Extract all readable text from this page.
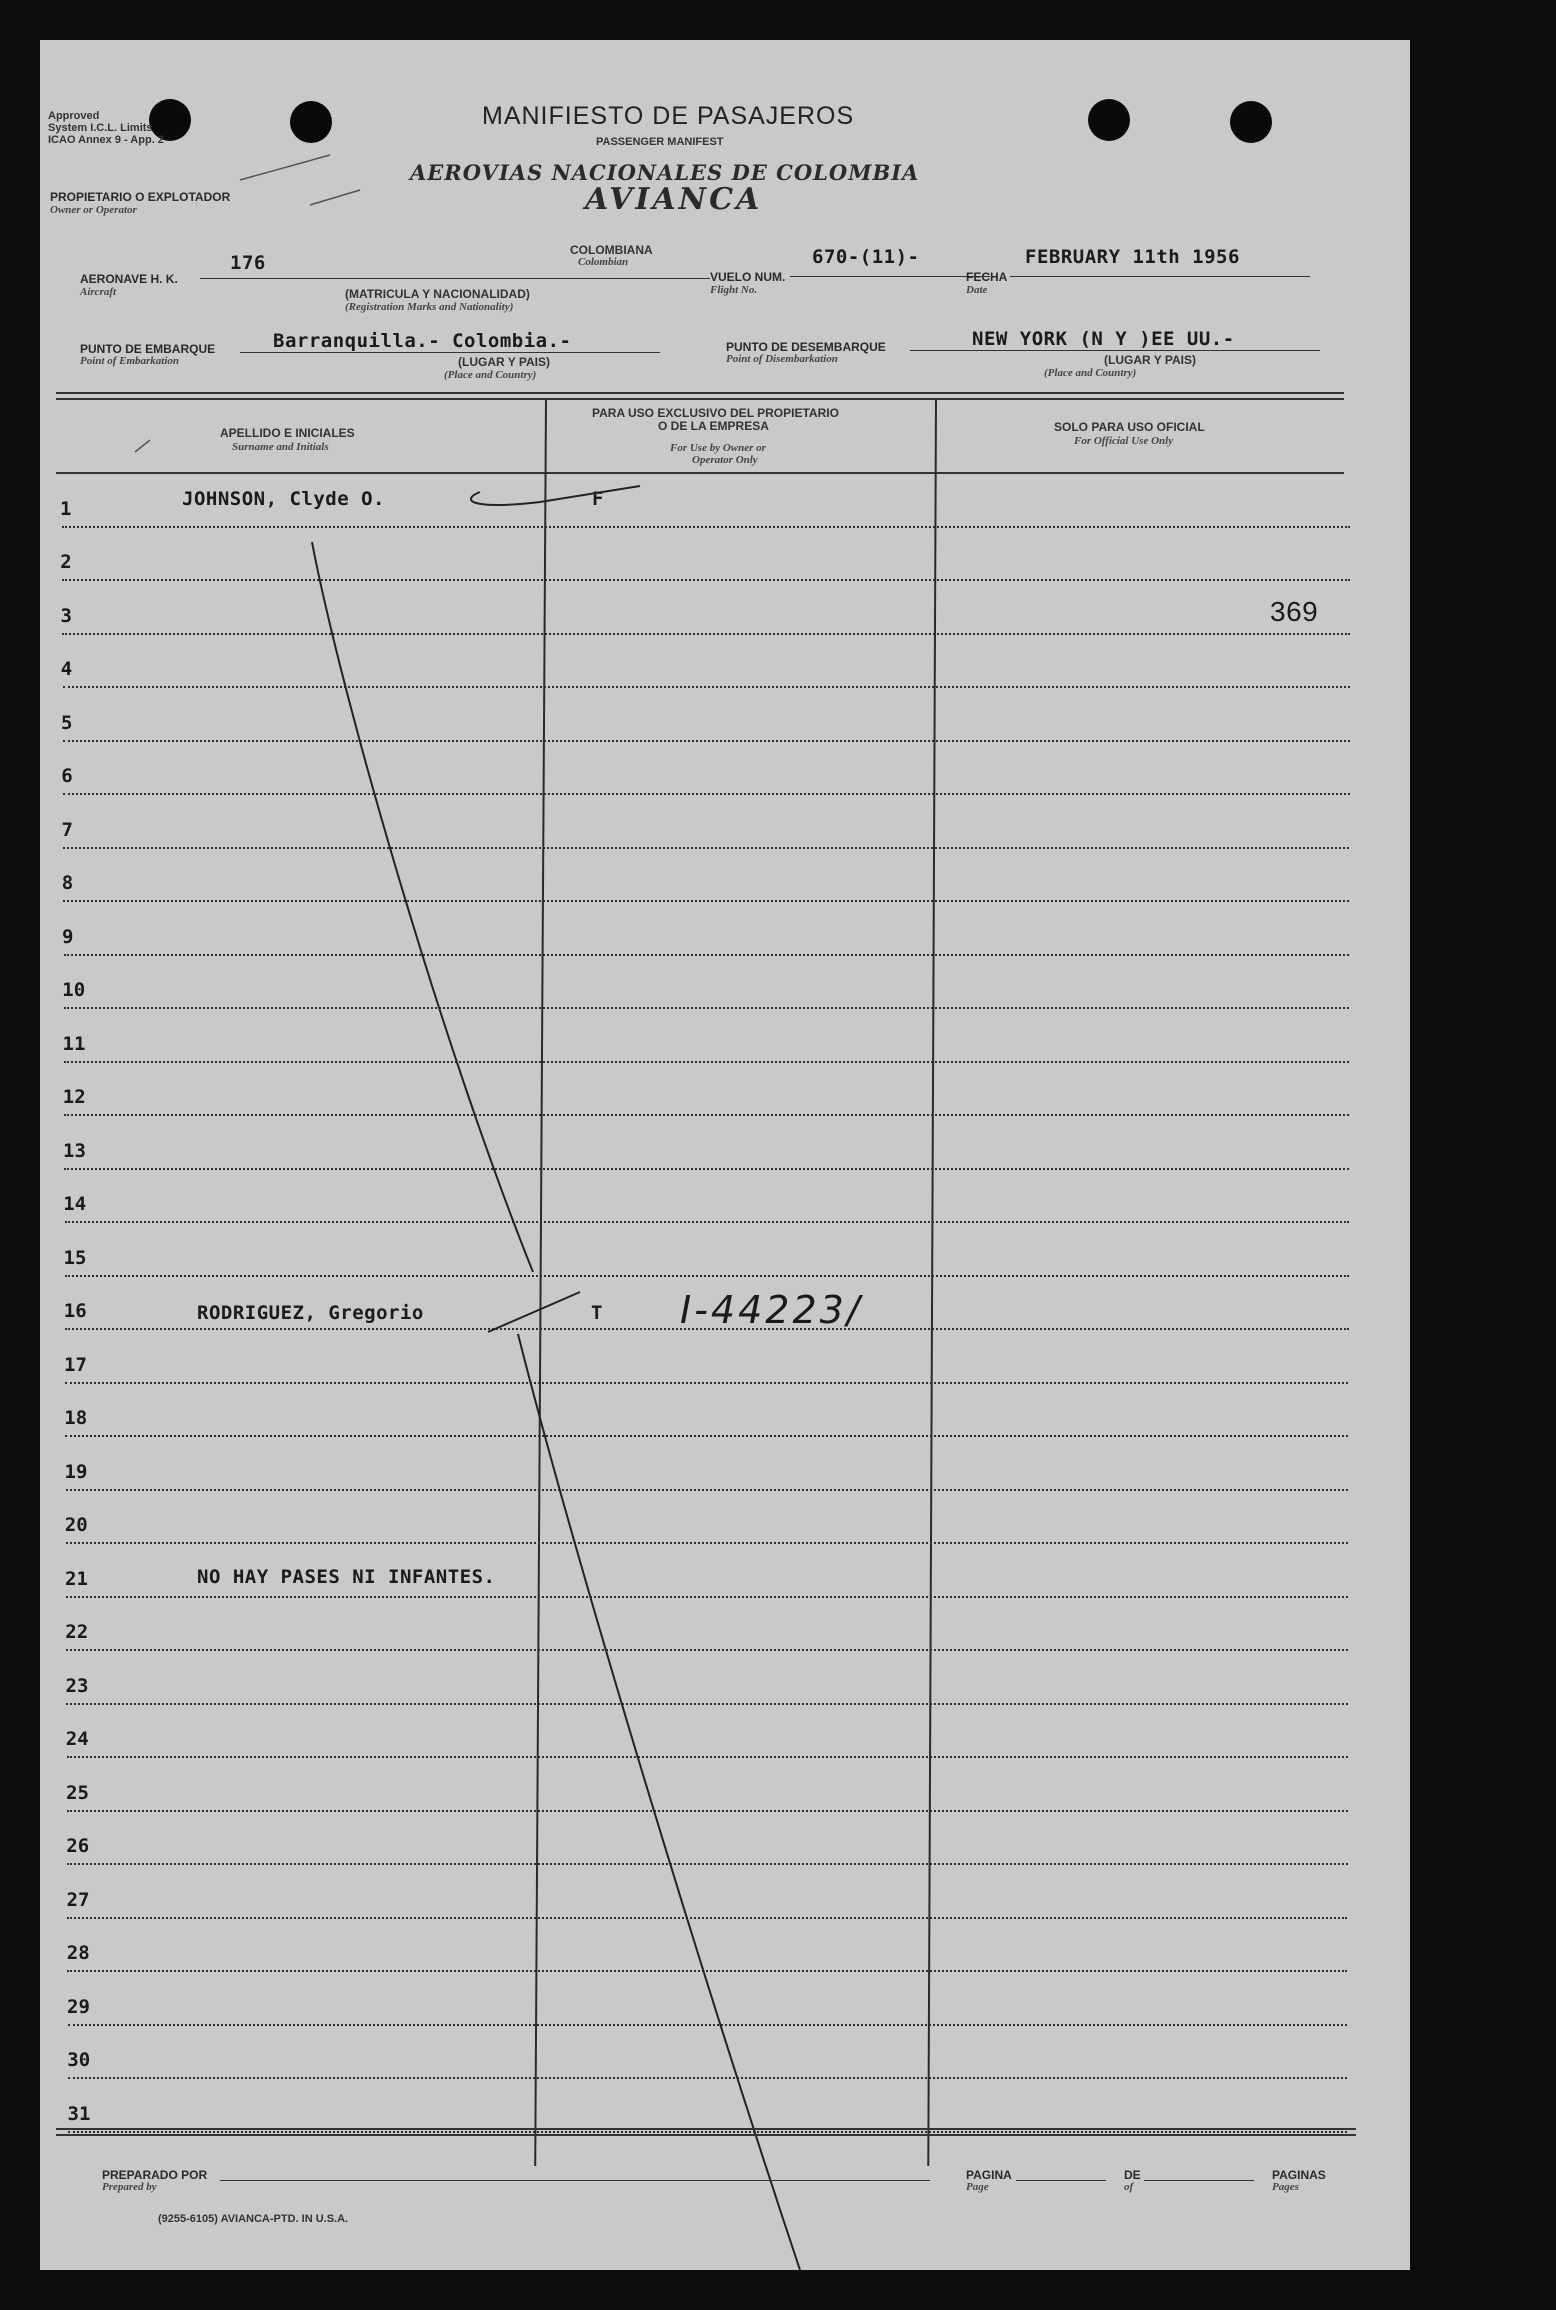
Approved
System I.C.L. Limits
ICAO Annex 9 - App. 2
MANIFIESTO DE PASAJEROS
PASSENGER MANIFEST
AEROVIAS NACIONALES DE COLOMBIA
AVIANCA
PROPIETARIO O EXPLOTADOR
Owner or Operator
AERONAVE H. K.
Aircraft
176
COLOMBIANA
Colombian
(MATRICULA Y NACIONALIDAD)
(Registration Marks and Nationality)
VUELO NUM.
Flight No.
670-(11)-
FECHA
Date
FEBRUARY 11th 1956
PUNTO DE EMBARQUE
Point of Embarkation
Barranquilla.- Colombia.-
(LUGAR Y PAIS)
(Place and Country)
PUNTO DE DESEMBARQUE
Point of Disembarkation
NEW YORK (N Y )EE UU.-
(LUGAR Y PAIS)
(Place and Country)
APELLIDO E INICIALES
Surname and Initials
PARA USO EXCLUSIVO DEL PROPIETARIO
O DE LA EMPRESA
For Use by Owner or
Operator Only
SOLO PARA USO OFICIAL
For Official Use Only
1
2
3
4
5
6
7
8
9
10
11
12
13
14
15
16
17
18
19
20
21
22
23
24
25
26
27
28
29
30
31
JOHNSON, Clyde O.	F
RODRIGUEZ, Gregorio	T I-44223/
NO HAY PASES NI INFANTES.
369
PREPARADO POR
Prepared by
PAGINA
Page
DE
of
PAGINAS
Pages
(9255-6105) AVIANCA-PTD. IN U.S.A.
